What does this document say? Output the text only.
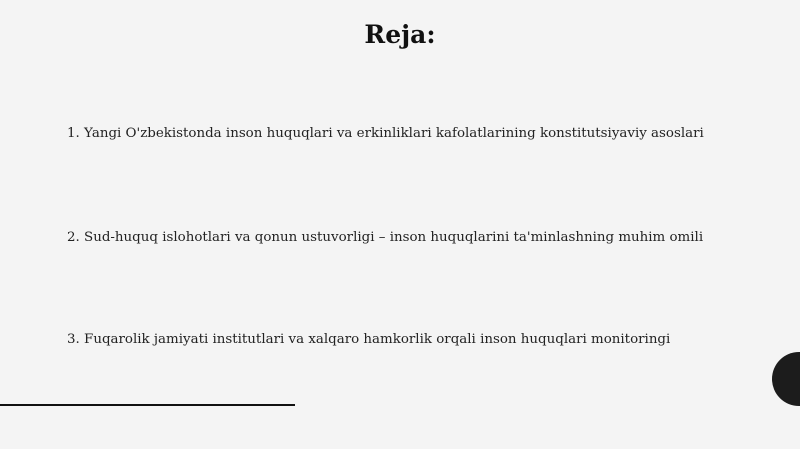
Reja:

1. Yangi O'zbekistonda inson huquqlari va erkinliklari kafolatlarining konstitutsiyaviy asoslari

2. Sud-huquq islohotlari va qonun ustuvorligi – inson huquqlarini ta'minlashning muhim omili

3. Fuqarolik jamiyati institutlari va xalqaro hamkorlik orqali inson huquqlari monitoringi
